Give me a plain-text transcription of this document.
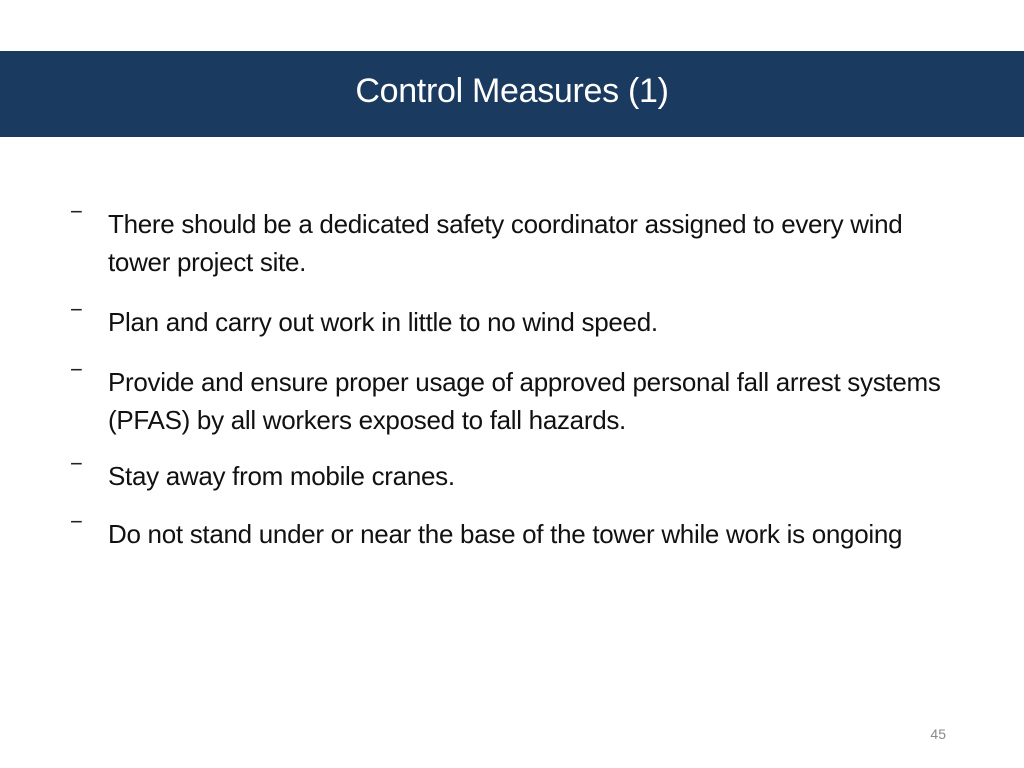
Control Measures (1)
− There should be a dedicated safety coordinator assigned to every wind tower project site.
− Plan and carry out work in little to no wind speed.
− Provide and ensure proper usage of approved personal fall arrest systems (PFAS) by all workers exposed to fall hazards.
− Stay away from mobile cranes.
− Do not stand under or near the base of the tower while work is ongoing
45
